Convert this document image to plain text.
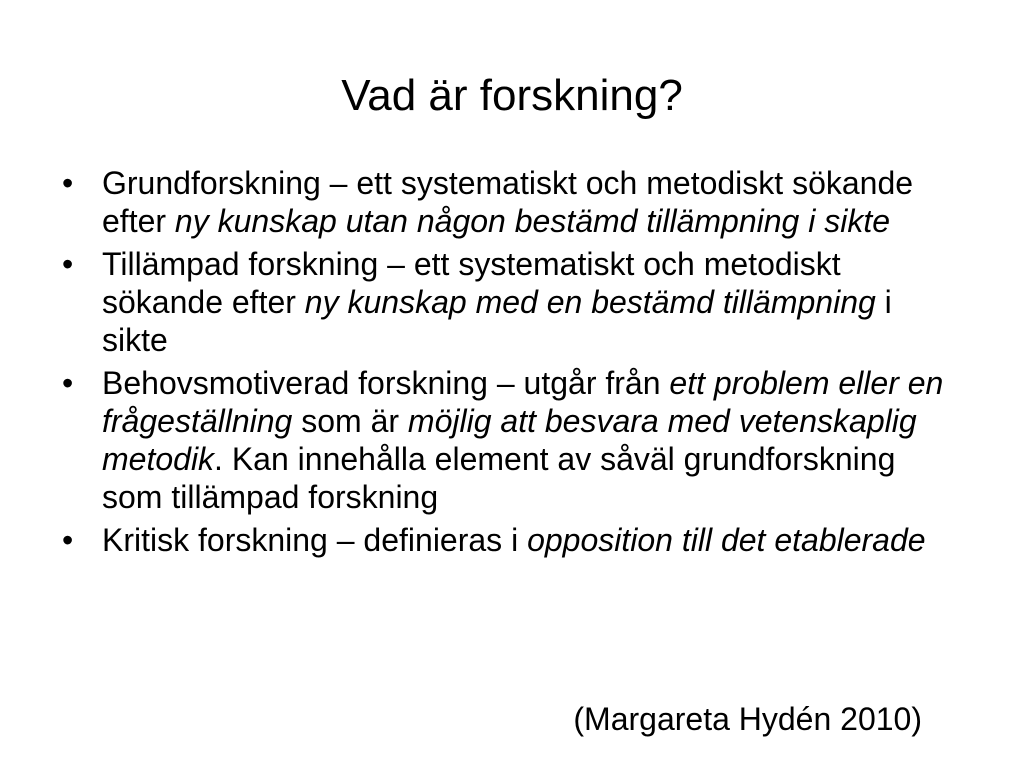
Vad är forskning?
• Grundforskning – ett systematiskt och metodiskt sökande efter ny kunskap utan någon bestämd tillämpning i sikte
• Tillämpad forskning – ett systematiskt och metodiskt sökande efter ny kunskap med en bestämd tillämpning i sikte
• Behovsmotiverad forskning – utgår från ett problem eller en frågeställning som är möjlig att besvara med vetenskaplig metodik. Kan innehålla element av såväl grundforskning som tillämpad forskning
• Kritisk forskning – definieras i opposition till det etablerade

(Margareta Hydén 2010)
